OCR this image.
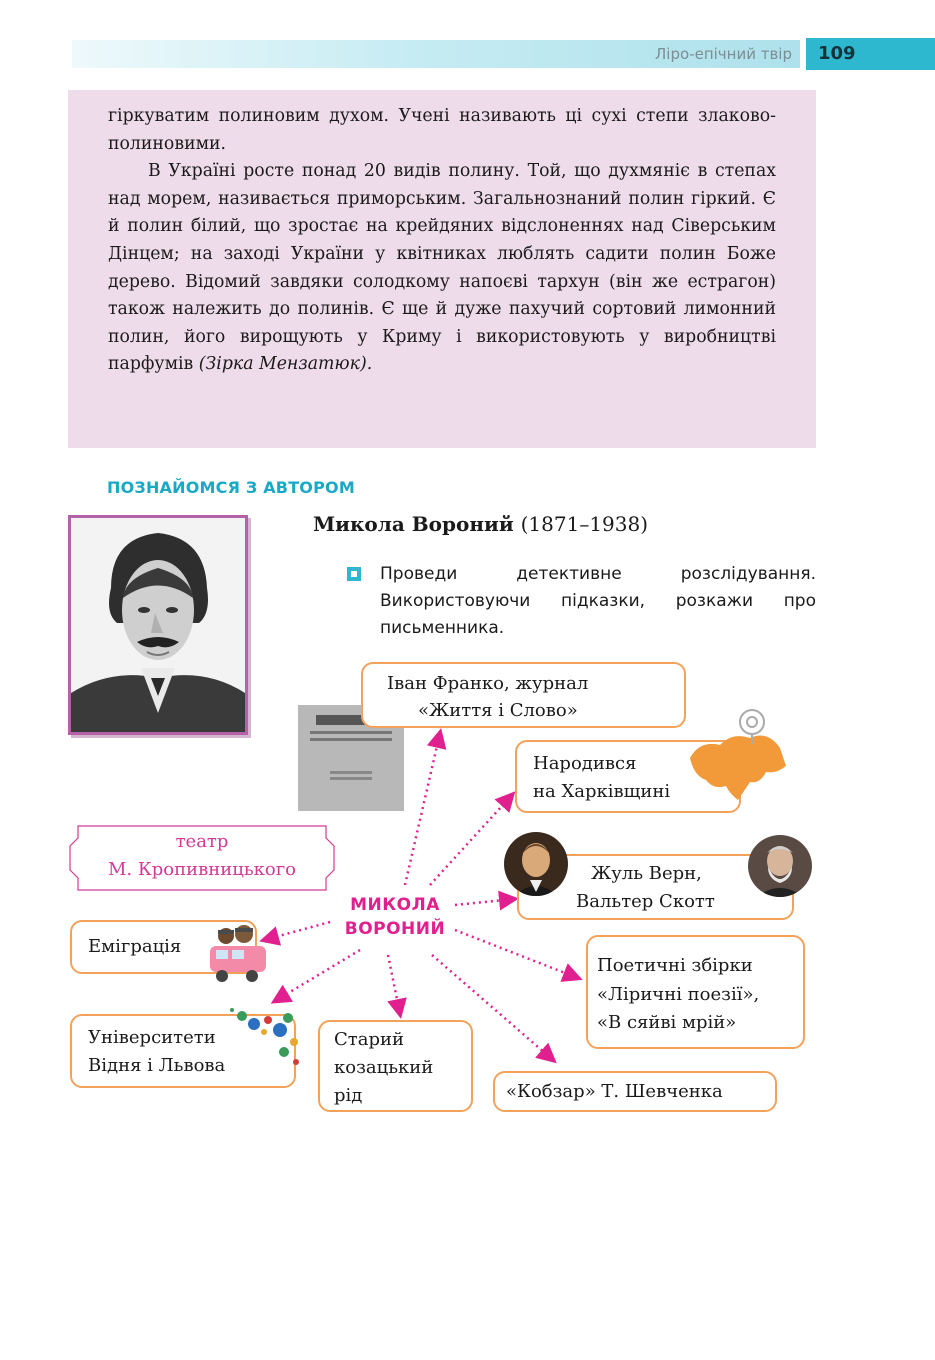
Ліро-епічний твір	109

гіркуватим полиновим духом. Учені називають ці сухі степи злаково-полиновими.

В Україні росте понад 20 видів полину. Той, що духмяніє в степах над морем, називається приморським. Загальнознаний полин гіркий. Є й полин білий, що зростає на крейдяних відслоненнях над Сіверським Дінцем; на заході України у квітниках люблять садити полин Боже дерево. Відомий завдяки солодкому напоєві тархун (він же естрагон) також належить до полинів. Є ще й дуже пахучий сортовий лимонний полин, його вирощують у Криму і використовують у виробництві парфумів (Зірка Мензатюк).

ПОЗНАЙОМСЯ З АВТОРОМ
Микола Вороний (1871–1938)
Проведи детективне розслідування. Використовуючи підказки, розкажи про письменника.
Іван Франко, журнал
«Життя і Слово»
Народився
на Харківщині
Жуль Верн,
Вальтер Скотт
Поетичні збірки
«Ліричні поезії»,
«В сяйві мрій»
«Кобзар» Т. Шевченка
Старий
козацький
рід
Університети
Відня і Львова
Еміграція
театр
М. Кропивницького
МИКОЛА
ВОРОНИЙ
